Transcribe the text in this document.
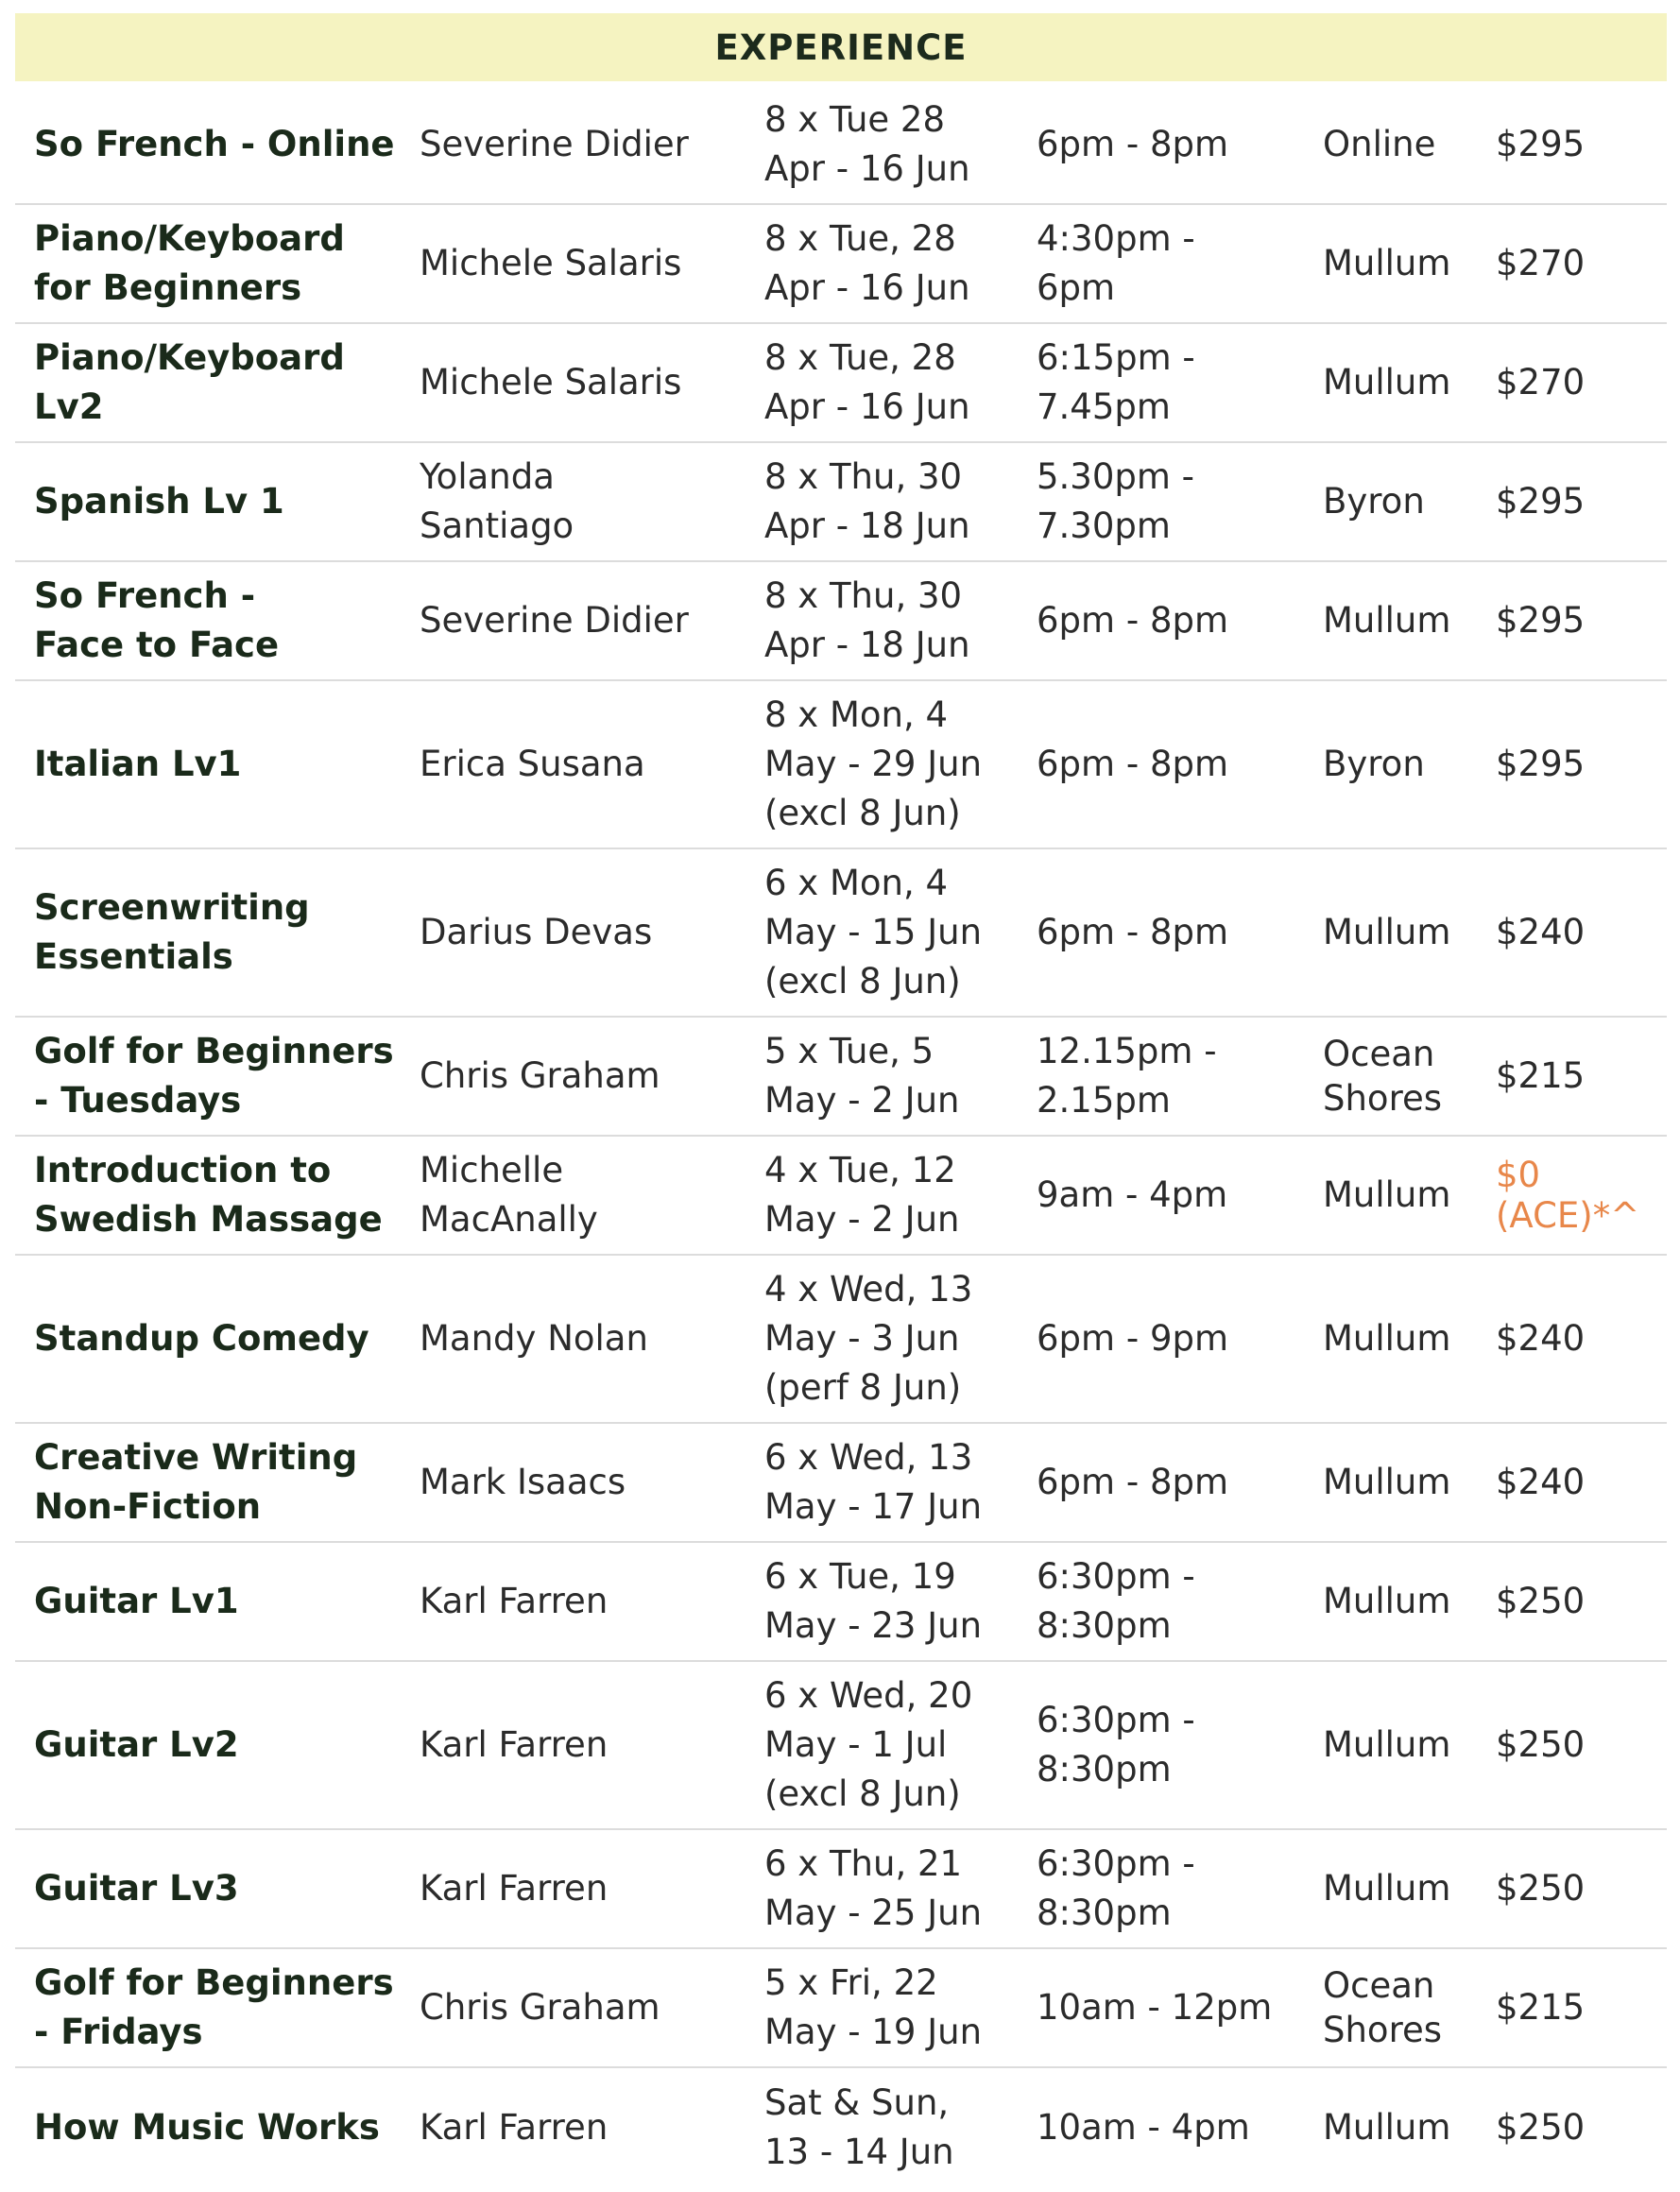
EXPERIENCE
So French - Online	Severine Didier	8 x Tue 28
Apr - 16 Jun	6pm - 8pm	Online	$295

Piano/Keyboard
for Beginners	Michele Salaris	8 x Tue, 28
Apr - 16 Jun	4:30pm -
6pm	Mullum	$270

Piano/Keyboard
Lv2	Michele Salaris	8 x Tue, 28
Apr - 16 Jun	6:15pm -
7.45pm	Mullum	$270

Spanish Lv 1	Yolanda
Santiago	8 x Thu, 30
Apr - 18 Jun	5.30pm -
7.30pm	Byron	$295

So French -
Face to Face	Severine Didier	8 x Thu, 30
Apr - 18 Jun	6pm - 8pm	Mullum	$295

Italian Lv1	Erica Susana	8 x Mon, 4
May - 29 Jun
(excl 8 Jun)	6pm - 8pm	Byron	$295

Screenwriting
Essentials	Darius Devas	6 x Mon, 4
May - 15 Jun
(excl 8 Jun)	6pm - 8pm	Mullum	$240

Golf for Beginners
- Tuesdays	Chris Graham	5 x Tue, 5
May - 2 Jun	12.15pm -
2.15pm	Ocean
Shores	$215

Introduction to
Swedish Massage	Michelle
MacAnally	4 x Tue, 12
May - 2 Jun	9am - 4pm	Mullum	$0
(ACE)*^

Standup Comedy	Mandy Nolan	4 x Wed, 13
May - 3 Jun
(perf 8 Jun)	6pm - 9pm	Mullum	$240

Creative Writing
Non-Fiction	Mark Isaacs	6 x Wed, 13
May - 17 Jun	6pm - 8pm	Mullum	$240

Guitar Lv1	Karl Farren	6 x Tue, 19
May - 23 Jun	6:30pm -
8:30pm	Mullum	$250

Guitar Lv2	Karl Farren	6 x Wed, 20
May - 1 Jul
(excl 8 Jun)	6:30pm -
8:30pm	Mullum	$250

Guitar Lv3	Karl Farren	6 x Thu, 21
May - 25 Jun	6:30pm -
8:30pm	Mullum	$250

Golf for Beginners
- Fridays	Chris Graham	5 x Fri, 22
May - 19 Jun	10am - 12pm	Ocean
Shores	$215

How Music Works	Karl Farren	Sat & Sun,
13 - 14 Jun	10am - 4pm	Mullum	$250
